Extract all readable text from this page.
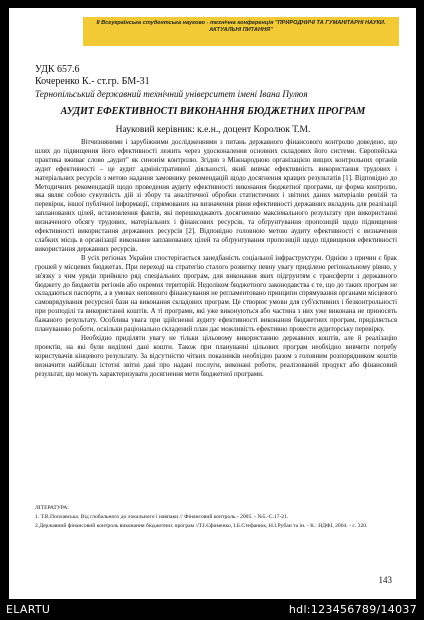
II Всеукраїнська студентська науково - технічна конференція "ПРИРОДНИЧІ ТА ГУМАНІТАРНІ НАУКИ.
АКТУАЛЬНІ ПИТАННЯ"
УДК 657.6
Кочеренко К.- ст.гр. БМ-31
Тернопільський державний технічний університет імені Івана Пулюя
АУДИТ ЕФЕКТИВНОСТІ ВИКОНАННЯ БЮДЖЕТНИХ ПРОГРАМ
Науковий керівник: к.е.н., доцент Королюк Т.М.

Вітчизняними і зарубіжними дослідженнями з питань державного фінансового контролю доведено, що шлях до підвищення його ефективності лежить через удосконалення основних складових його системи. Європейська практика вживає слово „аудит" як синонім контролю. Згідно з Міжнародною організацією вищих контрольних органів аудит ефективності – це аудит адміністративної діяльності, який вивчає ефективність використання трудових і матеріальних ресурсів з метою надання замовнику рекомендацій щодо досягнення кращих результатів [1]. Відповідно до Методичних рекомендацій щодо проведення аудиту ефективності виконання бюджетної програми, це форма контролю, яка являє собою сукупність дій зі збору та аналітичної обробки статистичних і звітних даних матеріалів ревізій та перевірок, іншої публічної інформації, спрямованих на визначення рівня ефективності державних вкладень для реалізації запланованих цілей, встановлення фактів, які перешкоджають досягненню максимального результату при використанні визначеного обсягу трудових, матеріальних і фінансових ресурсів, та обґрунтування пропозицій щодо підвищення ефективності використання державних ресурсів [2]. Відповідно головною метою аудиту ефективності є визначення слабких місць в організації виконання запланованих цілей та обґрунтування пропозицій щодо підвищення ефективності використання державних ресурсів.

В усіх регіонах України спостерігається занедбаність соціальної інфраструктури. Однією з причин є брак грошей у місцевих бюджетах. При переході на стратегію сталого розвитку певну увагу приділено регіональному рівню, у зв'язку з чим уряди прийняло ряд спеціальних програм, для виконання яких підгрунтям є трансферти з державного бюджету до бюджетів регіонів або окремих територій. Недоліком бюджетного законодавства є те, що до таких програм не складаються паспорти, а в умовах неповного фінансування не регламентовано принципи спрямування органами місцевого самоврядування ресурсної бази на виконання складових програм. Це створює умови для суб'єктивних і безконтрольності при розподілі та використанні коштів. А ті програми, які уже виконуються або частина з них уже виконана не приносять бажаного результату. Особлива увага при здійсненні аудиту ефективності виконання бюджетних програм, приділяється плануванню роботи, оскільки раціонально складений план дає можливість ефективно провести аудиторську перевірку.

Необхідно приділяти увагу не тільки цільовому використанню державних коштів, але й реалізацію проектів, на які були виділені дані кошти. Також при плануванні цільових програм необхідно вивчити потребу користувачів кінцевого результату. За відсутністю чітких показників необхідно разом з головним розпорядником коштів визначити найбільш істотні звітні дані про надані послуги, виконані роботи, реалізований продукт або фінансовий результат, що можуть характеризувати досягнення мети бюджетної програми.

ЛІТЕРАТУРА:
1. Т.В.Поплавська. Від глобального до локального і навпаки // Фінансовий контроль.- 2005. - №5.-С.17-21.
2.Державний фінансовий контроль виконання бюджетних програм //Т.І.Єфименко, І.Б.Стефанюк, Н.І.Рубан та ін. - К.: НДФІ, 2004. - с. 320.
143
ELARTU	hdl:123456789/14037
